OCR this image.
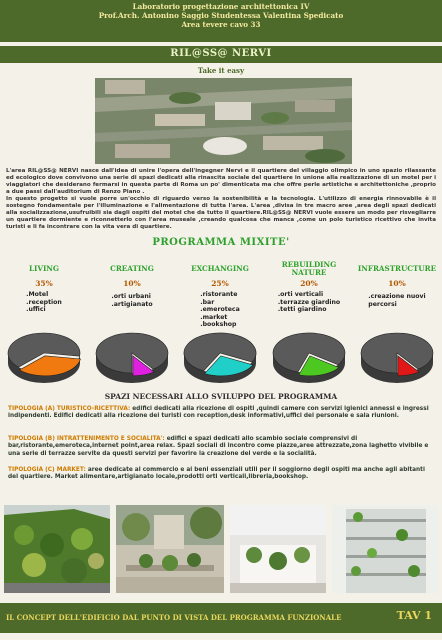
Laboratorio progettazione architettonica IV
Prof.Arch. Antonino Saggio Studentessa Valentina Spedicato
Area tevere cavo 33
RIL@SS@ NERVI
Take it easy

L'area RIL@SS@ NERVI nasce dall'idea di unire l'opera dell'ingegner Nervi e il quartiere del villaggio olimpico in uno spazio rilassante ed ecologico dove convivono una serie di spazi dedicati alla rinascita sociale del quartiere in unione alla realizzazione di un motel per i viaggiatori che desiderano fermarsi in questa parte di Roma un po' dimenticata ma che offre perle artistiche e architettoniche ,proprio a due passi dall'auditorium di Renzo Piano .

In questo progetto si vuole porre un'occhio di riguardo verso la sostenibilità e la tecnologia. L'utilizzo di energia rinnovabile è il sostegno fondamentale per l'illuminazione e l'alimentazione di tutta l'area. L'area ,divisa in tre macro aree ,area degli spazi dedicati alla socializzazione,usufruibili sia dagli ospiti del motel che da tutto il quartiere.RIL@SS@ NERVI vuole essere un modo per risvegliarre un quartiere dormiente e riconnetterlo con l'area museale ,creando qualcosa che manca ,come un polo turistico ricettivo che invita turisti e li fa incontrare con la vita vera di quartiere.

PROGRAMMA MIXITE'
LIVING
35%
.Motel
.reception
.uffici
CREATING
10%
.orti urbani
.artigianato
EXCHANGING
25%
.ristorante
.bar
.emeroteca
.market
.bookshop
REBUILDING NATURE
20%
.orti verticali
.terrazze giardino
.tetti giardino
INFRASTRUCTURE
10%
.creazione nuovi
percorsi
SPAZI NECESSARI ALLO SVILUPPO DEL PROGRAMMA
TIPOLOGIA (A) TURISTICO-RICETTIVA: edifici dedicati alla ricezione di ospiti ,quindi camere con servizi igienici annessi e ingressi indipendenti. Edifici dedicati alla ricezione dei turisti con reception,desk informativi,uffici del personale e sala riunioni.
TIPOLOGIA (B) INTRATTENIMENTO E SOCIALITA': edifici e spazi dedicati allo scambio sociale comprensivi di bar,ristorante,emeroteca,internet point,area relax. Spazi sociali di incontro come piazze,aree attrezzate,zona laghetto vivibile e una serie di terrazze servite da questi servizi per favorire la creazione del verde e la socialità.
TIPOLOGIA (C) MARKET: aree dedicate al commercio e ai beni essenziali utili per il soggiorno degli ospiti ma anche agli abitanti del quartiere. Market alimentare,artigianato locale,prodotti orti verticali,libreria,bookshop.
IL CONCEPT DELL'EDIFICIO DAL PUNTO DI VISTA DEL PROGRAMMA FUNZIONALE	TAV 1
